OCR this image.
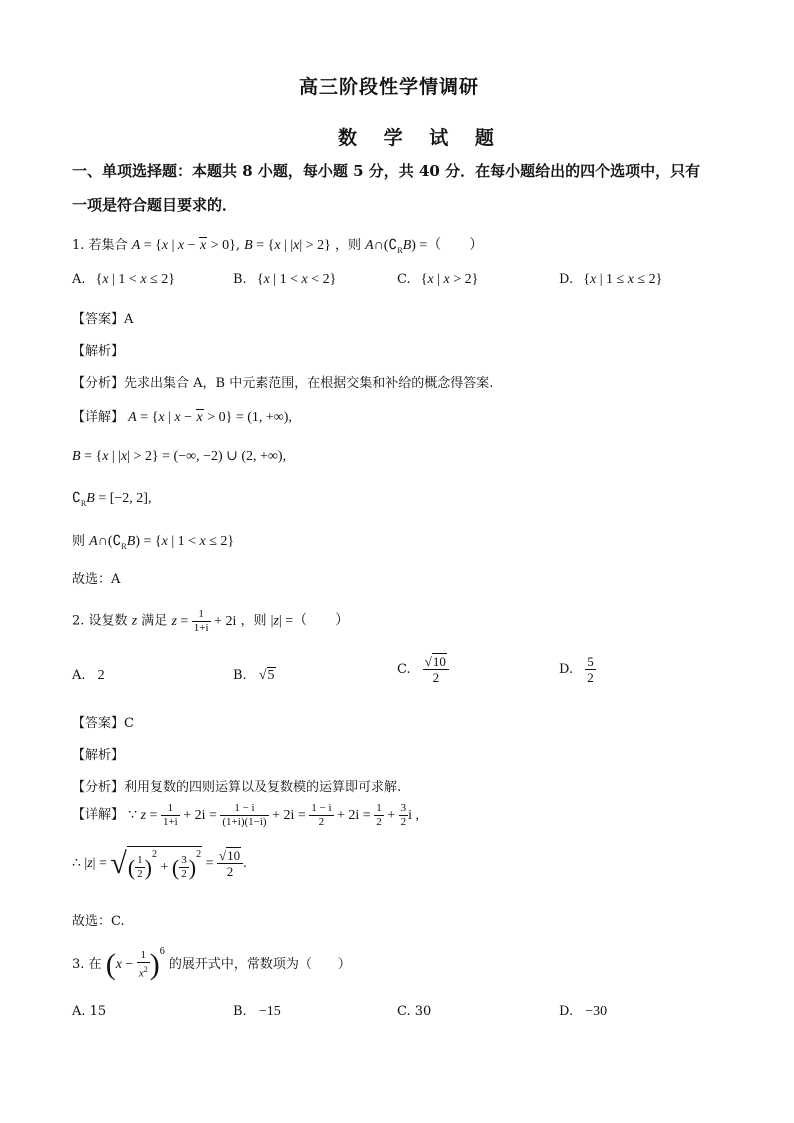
高三阶段性学情调研
数 学 试 题
一、单项选择题：本题共 8 小题，每小题 5 分，共 40 分．在每小题给出的四个选项中，只有
一项是符合题目要求的．
1. 若集合 A = {x | x − x > 0}, B = {x | |x| > 2} ，则 $A\cap(∁_RB)$ =（　　）
A. {x | 1 < x ≤ 2}	B. {x | 1 < x < 2}	C. {x | x > 2}	D. {x | 1 ≤ x ≤ 2}
【答案】A
【解析】
【分析】先求出集合 A，B 中元素范围，在根据交集和补给的概念得答案.
【详解】 A = {x | x − x > 0} = (1, +∞),
B = {x | |x| > 2} = (−∞, −2) ∪ (2, +∞),
$∁_RB = [-2$, 2],
则 $A\cap(∁_RB) = \{x$ | 1 < x ≤ 2}
故选：A
2. 设复数 z 满足 $z = \frac{1}{1+i} + 2i$ ，则 |z| =（　　）
A. 2	B. √5	C. $\frac{√10}{2}$	D. $\frac{5}{2}$
【答案】C
【解析】
【分析】利用复数的四则运算以及复数模的运算即可求解.
【详解】 ∵ $z = \frac{1}{1+i} + 2i = \frac{1 - i}{(1+i)(1-i)} + 2i = \frac{1 - i}{2} + 2i = \frac{1}{2} + \frac{3}{2}$ i ,
∴ |z| = √( $\frac{1}{2} )^2$ + ( $\frac{3}{2} )^2 = \frac{√10}{2}$ .
故选：C.
3. 在 $(x - \frac{1}{x^2} )^6$ 的展开式中，常数项为（　　）
A. 15	B. −15	C. 30	D. −30
